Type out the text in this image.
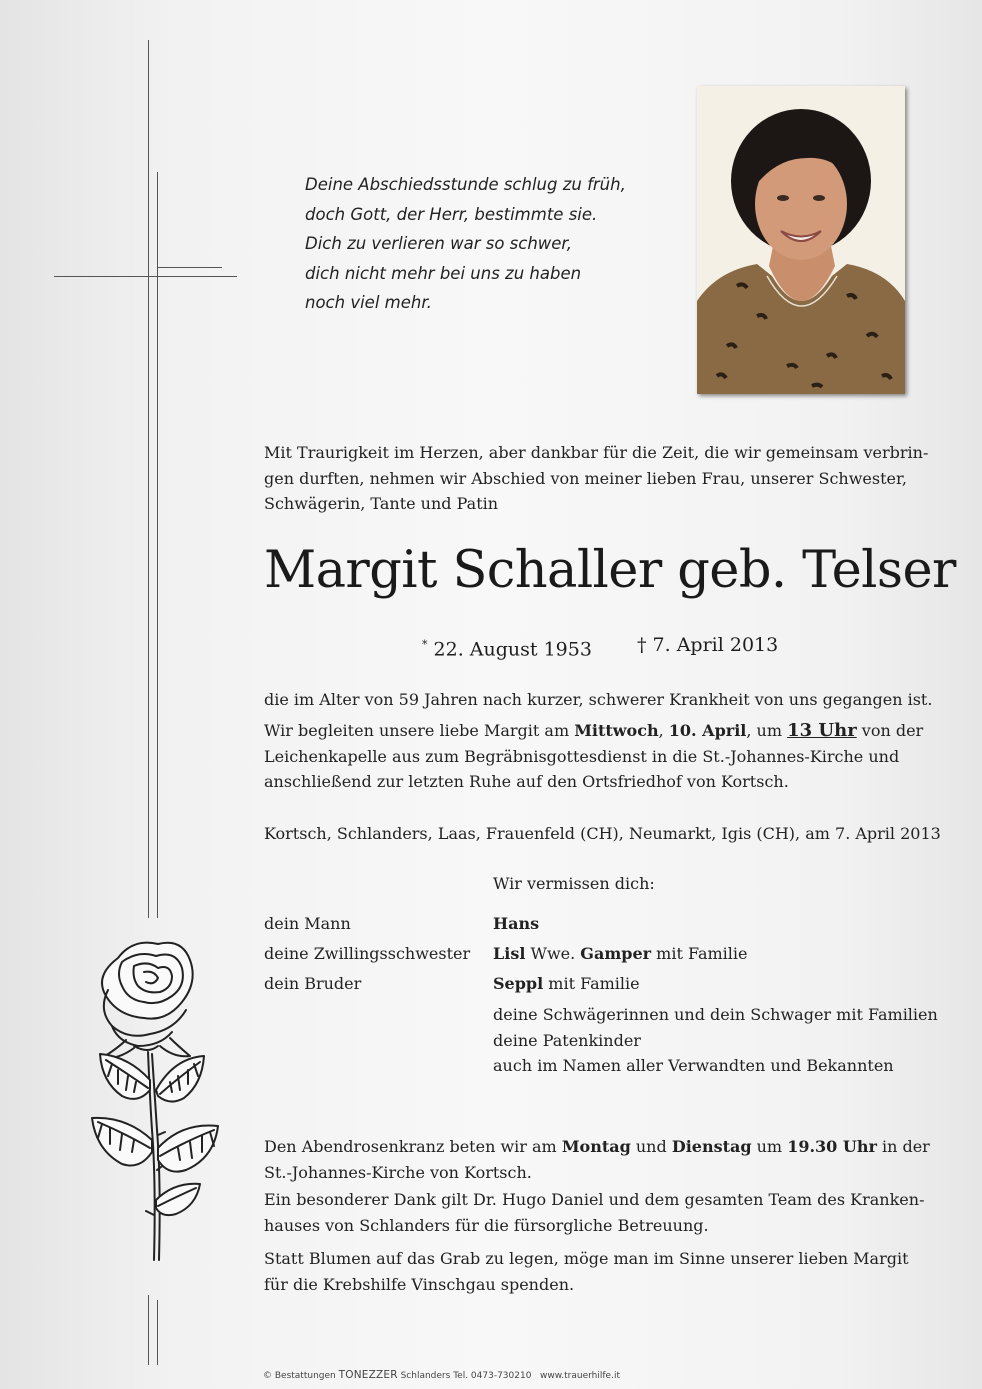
Deine Abschiedsstunde schlug zu früh,
doch Gott, der Herr, bestimmte sie.
Dich zu verlieren war so schwer,
dich nicht mehr bei uns zu haben
noch viel mehr.
Mit Traurigkeit im Herzen, aber dankbar für die Zeit, die wir gemeinsam verbrin-
gen durften, nehmen wir Abschied von meiner lieben Frau, unserer Schwester,
Schwägerin, Tante und Patin
Margit Schaller geb. Telser
* 22. August 1953 † 7. April 2013
die im Alter von 59 Jahren nach kurzer, schwerer Krankheit von uns gegangen ist.
Wir begleiten unsere liebe Margit am Mittwoch, 10. April, um 13 Uhr von der
Leichenkapelle aus zum Begräbnisgottesdienst in die St.-Johannes-Kirche und
anschließend zur letzten Ruhe auf den Ortsfriedhof von Kortsch.
Kortsch, Schlanders, Laas, Frauenfeld (CH), Neumarkt, Igis (CH), am 7. April 2013
Wir vermissen dich:
dein Mann
deine Zwillingsschwester
dein Bruder
Hans
Lisl Wwe. Gamper mit Familie
Seppl mit Familie
deine Schwägerinnen und dein Schwager mit Familien
deine Patenkinder
auch im Namen aller Verwandten und Bekannten
Den Abendrosenkranz beten wir am Montag und Dienstag um 19.30 Uhr in der
St.-Johannes-Kirche von Kortsch.
Ein besonderer Dank gilt Dr. Hugo Daniel und dem gesamten Team des Kranken-
hauses von Schlanders für die fürsorgliche Betreuung.
Statt Blumen auf das Grab zu legen, möge man im Sinne unserer lieben Margit
für die Krebshilfe Vinschgau spenden.
© Bestattungen TONEZZER Schlanders Tel. 0473-730210 www.trauerhilfe.it
